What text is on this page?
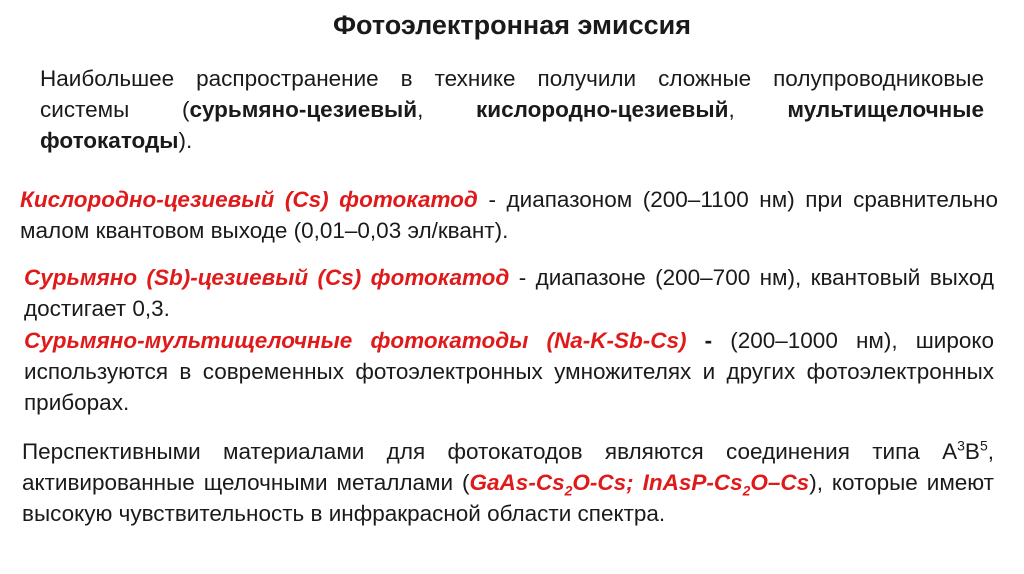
Фотоэлектронная эмиссия
Наибольшее распространение в технике получили сложные полупроводниковые системы (сурьмяно-цезиевый, кислородно-цезиевый, мультищелочные фотокатоды).
Кислородно-цезиевый (Cs) фотокатод - диапазоном (200–1100 нм) при сравнительно малом квантовом выходе (0,01–0,03 эл/квант).
Сурьмяно (Sb)-цезиевый (Cs) фотокатод - диапазоне (200–700 нм), квантовый выход достигает 0,3.
Сурьмяно-мультищелочные фотокатоды (Na-K-Sb-Cs) - (200–1000 нм), широко используются в современных фотоэлектронных умножителях и других фотоэлектронных приборах.
Перспективными материалами для фотокатодов являются соединения типа $А^3В^5$, активированные щелочными металлами ($GaAs-Cs_2O-Cs$; InAsP-$Cs_2O-Cs$), которые имеют высокую чувствительность в инфракрасной области спектра.
